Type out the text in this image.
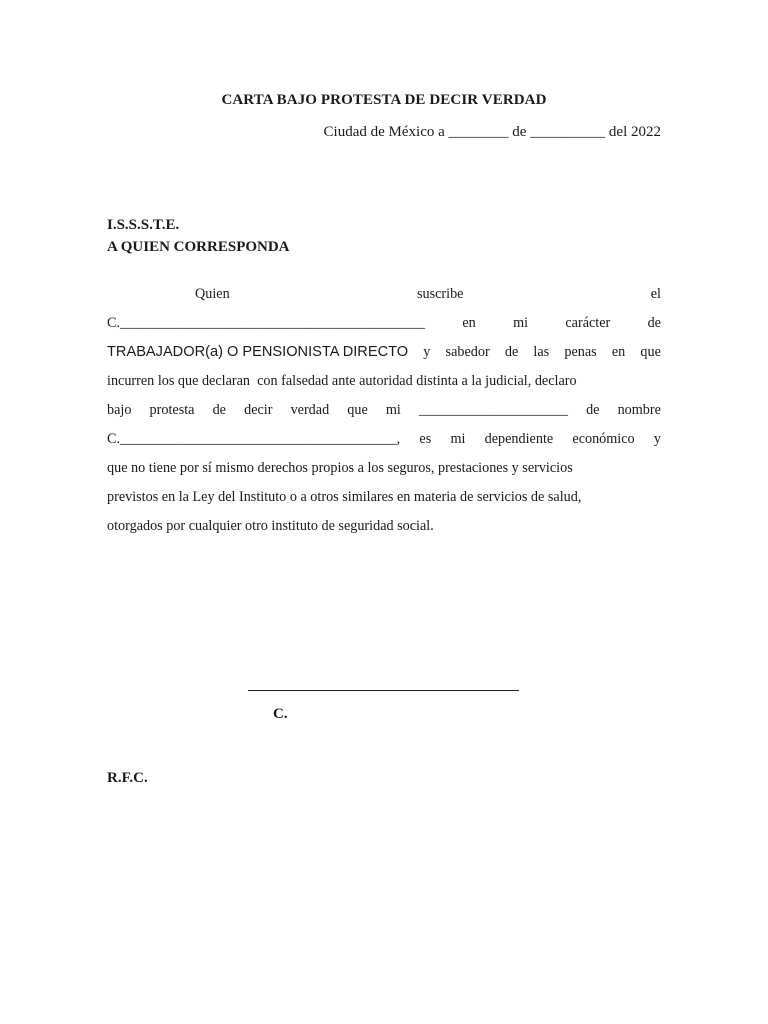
CARTA BAJO PROTESTA DE DECIR VERDAD
Ciudad de México a ________ de __________ del 2022
I.S.S.S.T.E.
A QUIEN CORRESPONDA
Quien	suscribe	el
C.___________________________________________	en	mi	carácter	de
TRABAJADOR(a) O PENSIONISTA DIRECTO y sabedor de las penas en que
incurren los que declaran  con falsedad ante autoridad distinta a la judicial, declaro
bajo protesta de decir verdad que mi _____________________ de nombre
C._______________________________________, es mi dependiente económico y
que no tiene por sí mismo derechos propios a los seguros, prestaciones y servicios
previstos en la Ley del Instituto o a otros similares en materia de servicios de salud,
otorgados por cualquier otro instituto de seguridad social.
C.
R.F.C.
